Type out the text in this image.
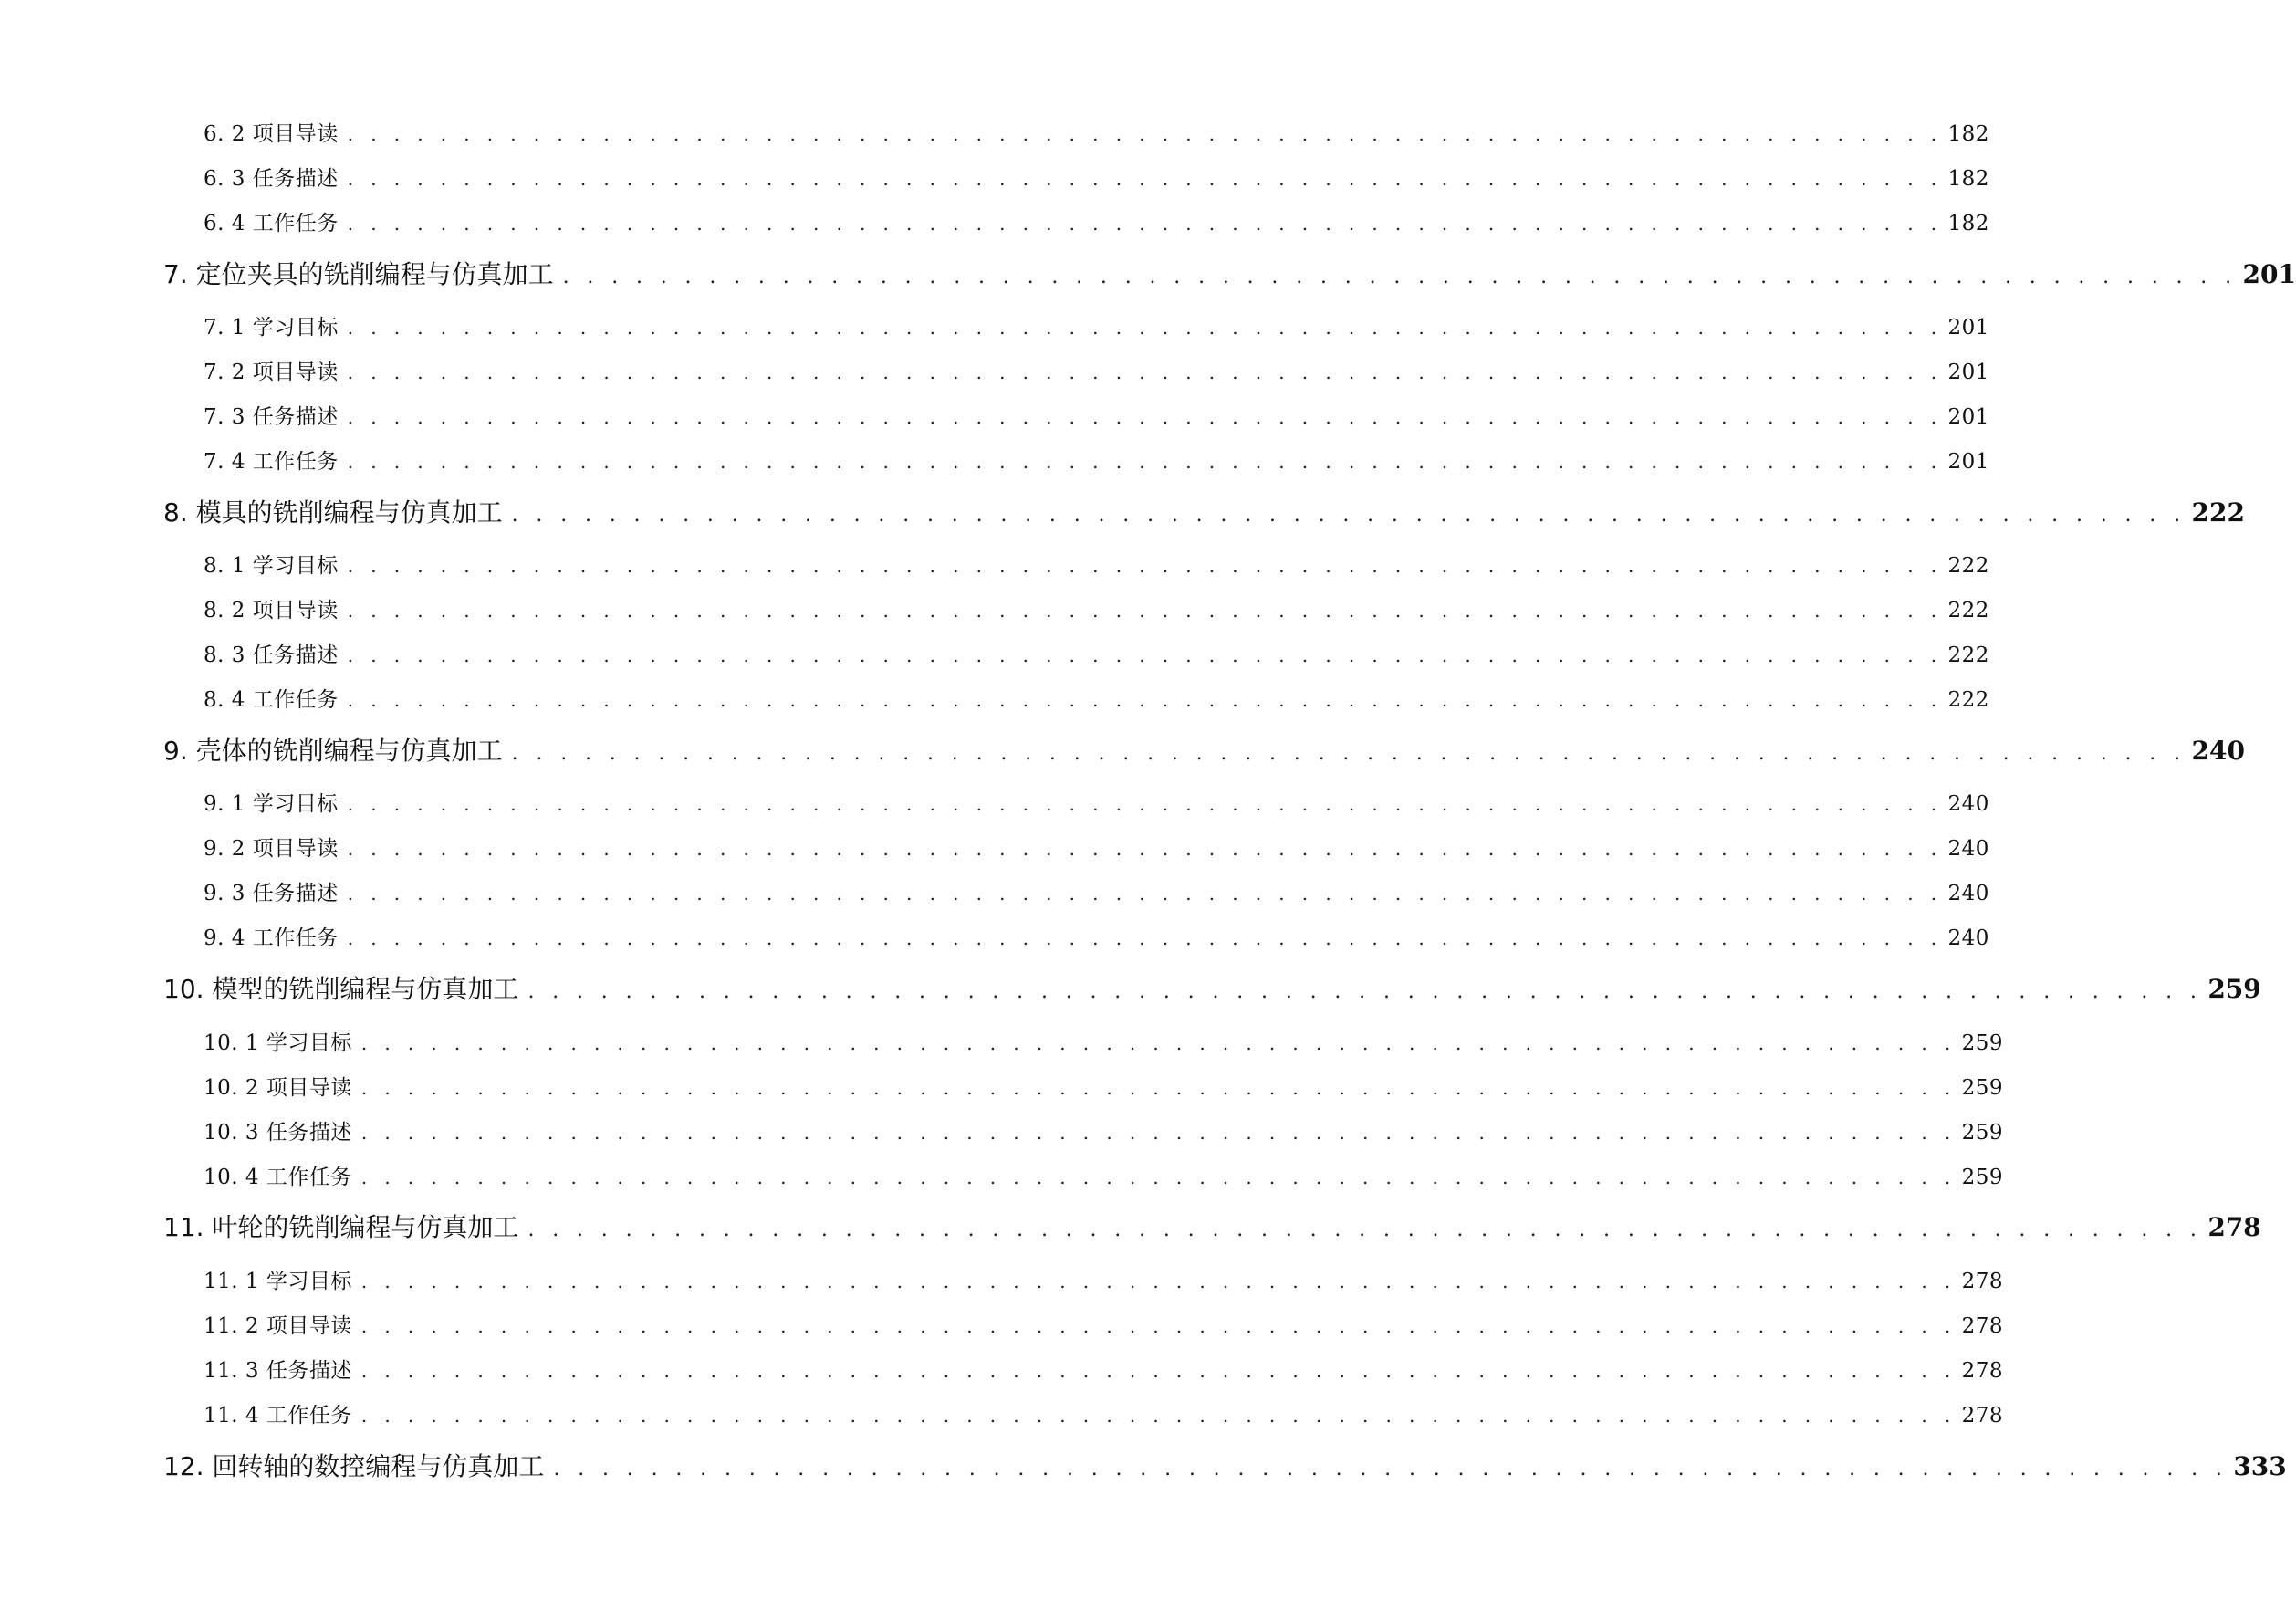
6. 2 项目导读 . . . . . . . . . . . . . . . . . . . . . . . . . . . . . . . . . . . . . . . . . . . . . . . . . . . . . . . . . . . . . . . . . . . . . 182
6. 3 任务描述 . . . . . . . . . . . . . . . . . . . . . . . . . . . . . . . . . . . . . . . . . . . . . . . . . . . . . . . . . . . . . . . . . . . . . 182
6. 4 工作任务 . . . . . . . . . . . . . . . . . . . . . . . . . . . . . . . . . . . . . . . . . . . . . . . . . . . . . . . . . . . . . . . . . . . . . 182
7. 定位夹具的铣削编程与仿真加工 . . . . . . . . . . . . . . . . . . . . . . . . . . . . . . . . . . . . . . . . . . . . . . . . . . . . . . . . . . . . . . . . . . . . . 201
7. 1 学习目标 . . . . . . . . . . . . . . . . . . . . . . . . . . . . . . . . . . . . . . . . . . . . . . . . . . . . . . . . . . . . . . . . . . . . . 201
7. 2 项目导读 . . . . . . . . . . . . . . . . . . . . . . . . . . . . . . . . . . . . . . . . . . . . . . . . . . . . . . . . . . . . . . . . . . . . . 201
7. 3 任务描述 . . . . . . . . . . . . . . . . . . . . . . . . . . . . . . . . . . . . . . . . . . . . . . . . . . . . . . . . . . . . . . . . . . . . . 201
7. 4 工作任务 . . . . . . . . . . . . . . . . . . . . . . . . . . . . . . . . . . . . . . . . . . . . . . . . . . . . . . . . . . . . . . . . . . . . . 201
8. 模具的铣削编程与仿真加工 . . . . . . . . . . . . . . . . . . . . . . . . . . . . . . . . . . . . . . . . . . . . . . . . . . . . . . . . . . . . . . . . . . . . . 222
8. 1 学习目标 . . . . . . . . . . . . . . . . . . . . . . . . . . . . . . . . . . . . . . . . . . . . . . . . . . . . . . . . . . . . . . . . . . . . . 222
8. 2 项目导读 . . . . . . . . . . . . . . . . . . . . . . . . . . . . . . . . . . . . . . . . . . . . . . . . . . . . . . . . . . . . . . . . . . . . . 222
8. 3 任务描述 . . . . . . . . . . . . . . . . . . . . . . . . . . . . . . . . . . . . . . . . . . . . . . . . . . . . . . . . . . . . . . . . . . . . . 222
8. 4 工作任务 . . . . . . . . . . . . . . . . . . . . . . . . . . . . . . . . . . . . . . . . . . . . . . . . . . . . . . . . . . . . . . . . . . . . . 222
9. 壳体的铣削编程与仿真加工 . . . . . . . . . . . . . . . . . . . . . . . . . . . . . . . . . . . . . . . . . . . . . . . . . . . . . . . . . . . . . . . . . . . . . 240
9. 1 学习目标 . . . . . . . . . . . . . . . . . . . . . . . . . . . . . . . . . . . . . . . . . . . . . . . . . . . . . . . . . . . . . . . . . . . . . 240
9. 2 项目导读 . . . . . . . . . . . . . . . . . . . . . . . . . . . . . . . . . . . . . . . . . . . . . . . . . . . . . . . . . . . . . . . . . . . . . 240
9. 3 任务描述 . . . . . . . . . . . . . . . . . . . . . . . . . . . . . . . . . . . . . . . . . . . . . . . . . . . . . . . . . . . . . . . . . . . . . 240
9. 4 工作任务 . . . . . . . . . . . . . . . . . . . . . . . . . . . . . . . . . . . . . . . . . . . . . . . . . . . . . . . . . . . . . . . . . . . . . 240
10. 模型的铣削编程与仿真加工 . . . . . . . . . . . . . . . . . . . . . . . . . . . . . . . . . . . . . . . . . . . . . . . . . . . . . . . . . . . . . . . . . . . . . 259
10. 1 学习目标 . . . . . . . . . . . . . . . . . . . . . . . . . . . . . . . . . . . . . . . . . . . . . . . . . . . . . . . . . . . . . . . . . . . . . 259
10. 2 项目导读 . . . . . . . . . . . . . . . . . . . . . . . . . . . . . . . . . . . . . . . . . . . . . . . . . . . . . . . . . . . . . . . . . . . . . 259
10. 3 任务描述 . . . . . . . . . . . . . . . . . . . . . . . . . . . . . . . . . . . . . . . . . . . . . . . . . . . . . . . . . . . . . . . . . . . . . 259
10. 4 工作任务 . . . . . . . . . . . . . . . . . . . . . . . . . . . . . . . . . . . . . . . . . . . . . . . . . . . . . . . . . . . . . . . . . . . . . 259
11. 叶轮的铣削编程与仿真加工 . . . . . . . . . . . . . . . . . . . . . . . . . . . . . . . . . . . . . . . . . . . . . . . . . . . . . . . . . . . . . . . . . . . . . 278
11. 1 学习目标 . . . . . . . . . . . . . . . . . . . . . . . . . . . . . . . . . . . . . . . . . . . . . . . . . . . . . . . . . . . . . . . . . . . . . 278
11. 2 项目导读 . . . . . . . . . . . . . . . . . . . . . . . . . . . . . . . . . . . . . . . . . . . . . . . . . . . . . . . . . . . . . . . . . . . . . 278
11. 3 任务描述 . . . . . . . . . . . . . . . . . . . . . . . . . . . . . . . . . . . . . . . . . . . . . . . . . . . . . . . . . . . . . . . . . . . . . 278
11. 4 工作任务 . . . . . . . . . . . . . . . . . . . . . . . . . . . . . . . . . . . . . . . . . . . . . . . . . . . . . . . . . . . . . . . . . . . . . 278
12. 回转轴的数控编程与仿真加工 . . . . . . . . . . . . . . . . . . . . . . . . . . . . . . . . . . . . . . . . . . . . . . . . . . . . . . . . . . . . . . . . . . . . . 333
